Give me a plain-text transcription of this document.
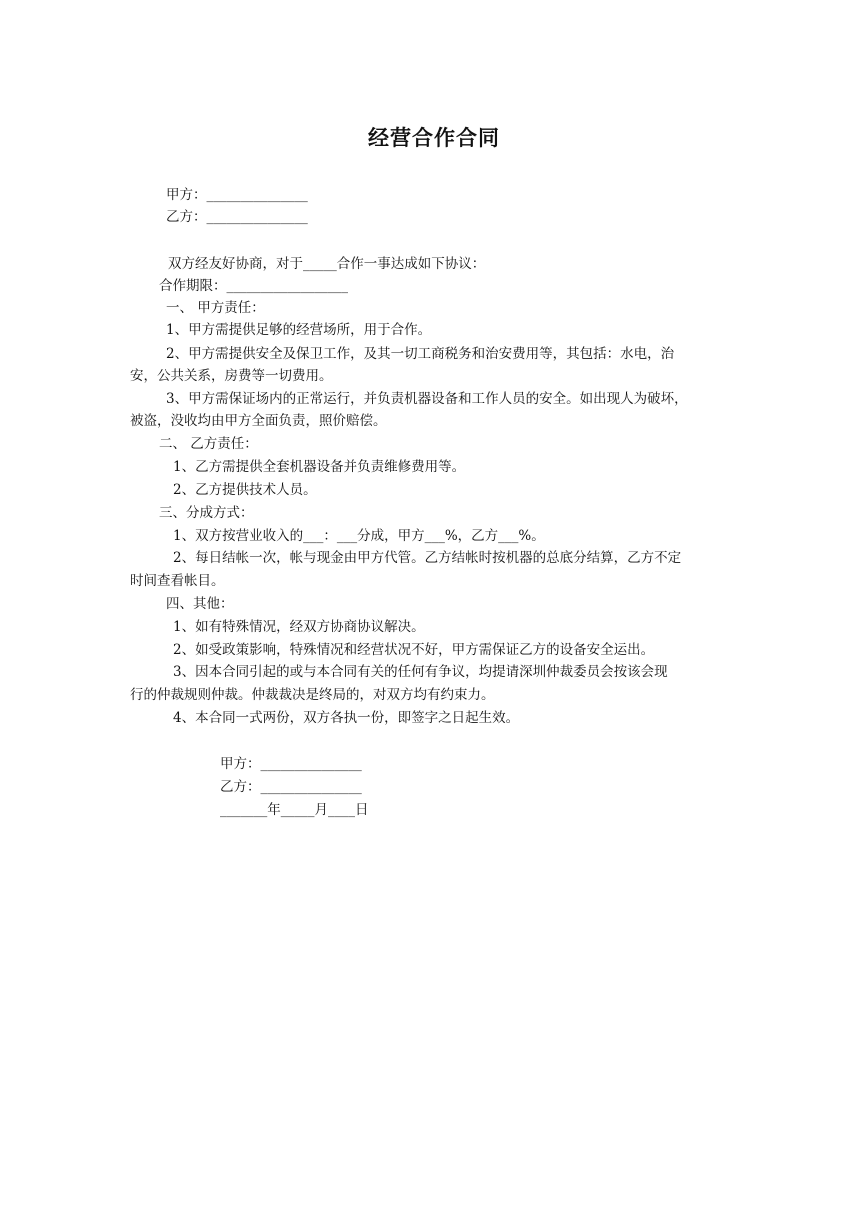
经营合作合同
甲方：_______________
乙方：_______________
双方经友好协商，对于_____合作一事达成如下协议：
合作期限：__________________
一、 甲方责任：
1、甲方需提供足够的经营场所，用于合作。
2、甲方需提供安全及保卫工作，及其一切工商税务和治安费用等，其包括：水电，治
安，公共关系，房费等一切费用。
3、甲方需保证场内的正常运行，并负责机器设备和工作人员的安全。如出现人为破坏，
被盗，没收均由甲方全面负责，照价赔偿。
二、 乙方责任：
1、乙方需提供全套机器设备并负责维修费用等。
2、乙方提供技术人员。
三、分成方式：
1、双方按营业收入的___：___分成，甲方___%，乙方___%。
2、每日结帐一次，帐与现金由甲方代管。乙方结帐时按机器的总底分结算，乙方不定
时间查看帐目。
四、其他：
1、如有特殊情况，经双方协商协议解决。
2、如受政策影响，特殊情况和经营状况不好，甲方需保证乙方的设备安全运出。
3、因本合同引起的或与本合同有关的任何有争议，均提请深圳仲裁委员会按该会现
行的仲裁规则仲裁。仲裁裁决是终局的，对双方均有约束力。
4、本合同一式两份，双方各执一份，即签字之日起生效。
甲方：_______________
乙方：_______________
_______年_____月____日
